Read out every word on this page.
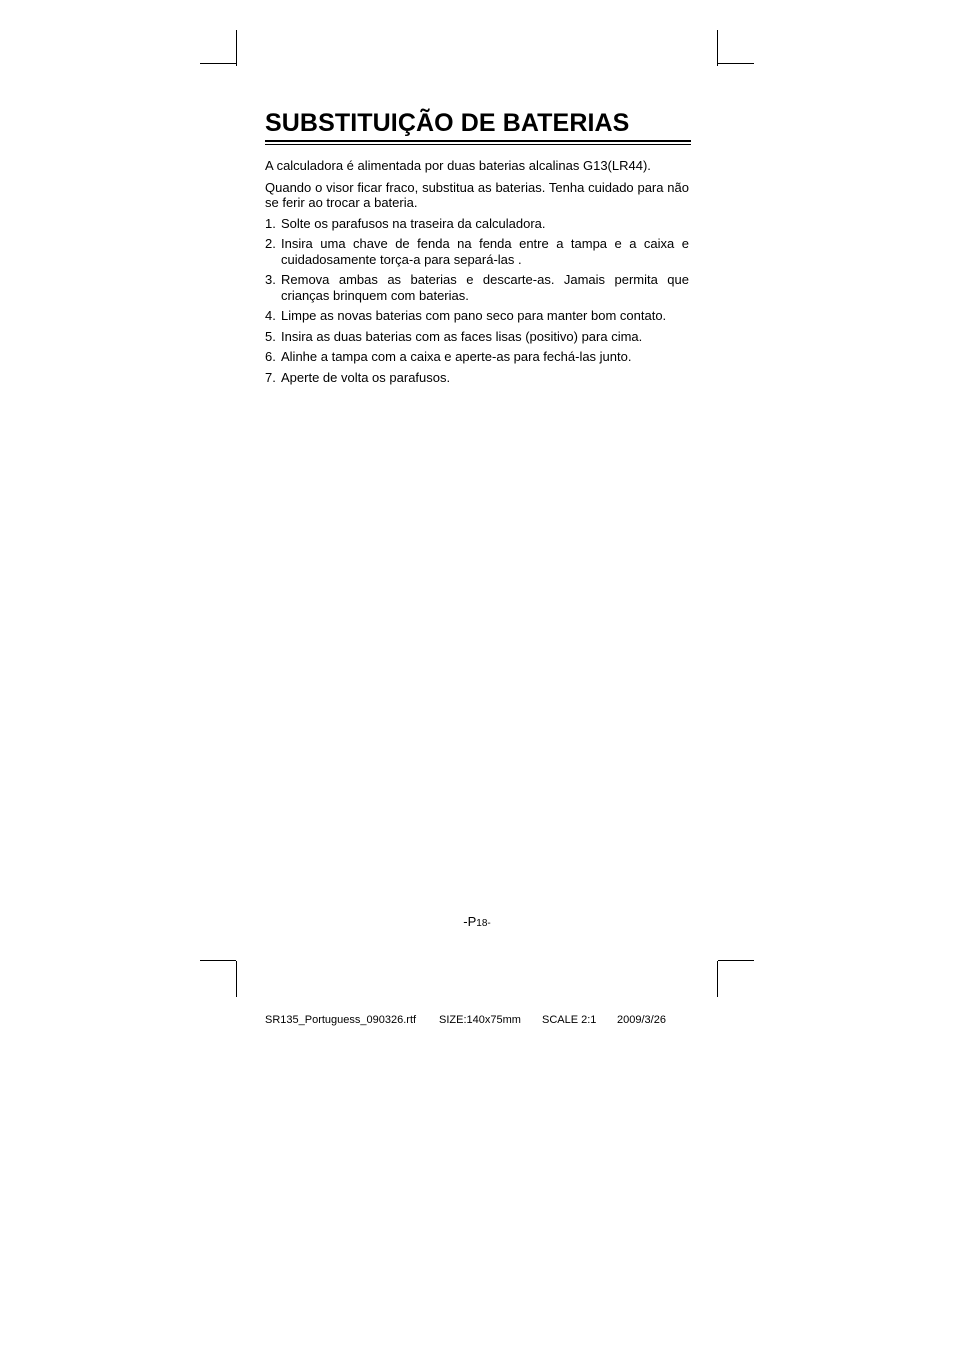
SUBSTITUIÇÃO DE BATERIAS

A calculadora é alimentada por duas baterias alcalinas G13(LR44).

Quando o visor ficar fraco, substitua as baterias. Tenha cuidado para não se ferir ao trocar a bateria.

1. Solte os parafusos na traseira da calculadora.
2. Insira uma chave de fenda na fenda entre a tampa e a caixa e cuidadosamente torça-a para separá-las .
3. Remova ambas as baterias e descarte-as. Jamais permita que crianças brinquem com baterias.
4. Limpe as novas baterias com pano seco para manter bom contato.
5. Insira as duas baterias com as faces lisas (positivo) para cima.
6. Alinhe a tampa com a caixa e aperte-as para fechá-las junto.
7. Aperte de volta os parafusos.
-P18-
SR135_Portuguess_090326.rtf SIZE:140x75mm SCALE 2:1 2009/3/26
